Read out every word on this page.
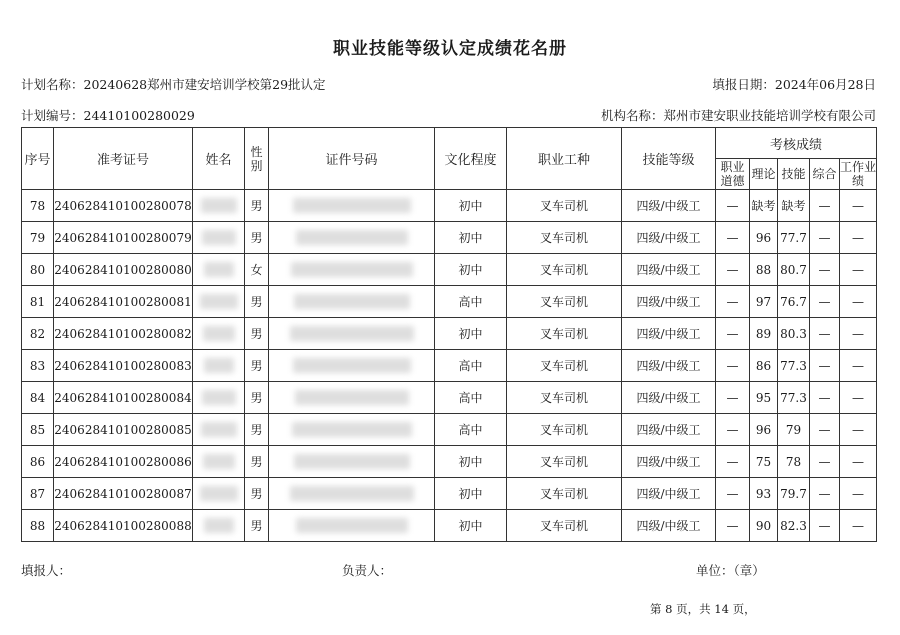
职业技能等级认定成绩花名册
计划名称：20240628郑州市建安培训学校第29批认定	填报日期：2024年06月28日
计划编号：24410100280029	机构名称：郑州市建安职业技能培训学校有限公司
序号	准考证号	姓名	性别	证件号码	文化程度	职业工种	技能等级	考核成绩				
								职业道德	理论	技能	综合	工作业绩
78	240628410100280078		男		初中	叉车司机	四级/中级工	—	缺考	缺考	—	—
79	240628410100280079		男		初中	叉车司机	四级/中级工	—	96	77.7	—	—
80	240628410100280080		女		初中	叉车司机	四级/中级工	—	88	80.7	—	—
81	240628410100280081		男		高中	叉车司机	四级/中级工	—	97	76.7	—	—
82	240628410100280082		男		初中	叉车司机	四级/中级工	—	89	80.3	—	—
83	240628410100280083		男		高中	叉车司机	四级/中级工	—	86	77.3	—	—
84	240628410100280084		男		高中	叉车司机	四级/中级工	—	95	77.3	—	—
85	240628410100280085		男		高中	叉车司机	四级/中级工	—	96	79	—	—
86	240628410100280086		男		初中	叉车司机	四级/中级工	—	75	78	—	—
87	240628410100280087		男		初中	叉车司机	四级/中级工	—	93	79.7	—	—
88	240628410100280088		男		初中	叉车司机	四级/中级工	—	90	82.3	—	—
填报人：	负责人：	单位：（章）
第 8 页，共 14 页，
